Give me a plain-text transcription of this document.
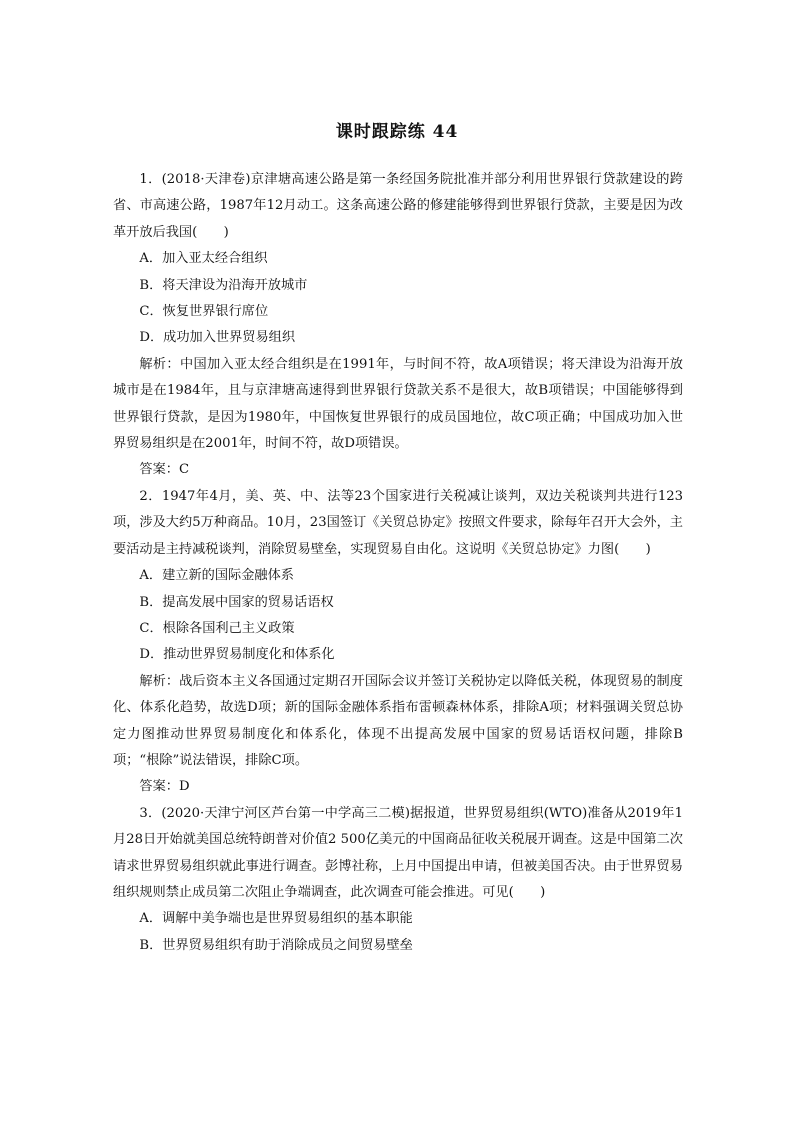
课时跟踪练 44

1．(2018·天津卷)京津塘高速公路是第一条经国务院批准并部分利用世界银行贷款建设的跨省、市高速公路，1987年12月动工。这条高速公路的修建能够得到世界银行贷款，主要是因为改革开放后我国(　　)

A．加入亚太经合组织

B．将天津设为沿海开放城市

C．恢复世界银行席位

D．成功加入世界贸易组织

解析：中国加入亚太经合组织是在1991年，与时间不符，故A项错误；将天津设为沿海开放城市是在1984年，且与京津塘高速得到世界银行贷款关系不是很大，故B项错误；中国能够得到世界银行贷款，是因为1980年，中国恢复世界银行的成员国地位，故C项正确；中国成功加入世界贸易组织是在2001年，时间不符，故D项错误。

答案：C

2．1947年4月，美、英、中、法等23个国家进行关税减让谈判，双边关税谈判共进行123项，涉及大约5万种商品。10月，23国签订《关贸总协定》按照文件要求，除每年召开大会外，主要活动是主持减税谈判，消除贸易壁垒，实现贸易自由化。这说明《关贸总协定》力图(　　)

A．建立新的国际金融体系

B．提高发展中国家的贸易话语权

C．根除各国利己主义政策

D．推动世界贸易制度化和体系化

解析：战后资本主义各国通过定期召开国际会议并签订关税协定以降低关税，体现贸易的制度化、体系化趋势，故选D项；新的国际金融体系指布雷顿森林体系，排除A项；材料强调关贸总协定力图推动世界贸易制度化和体系化，体现不出提高发展中国家的贸易话语权问题，排除B项；“根除”说法错误，排除C项。

答案：D

3．(2020·天津宁河区芦台第一中学高三二模)据报道，世界贸易组织(WTO)准备从2019年1月28日开始就美国总统特朗普对价值2 500亿美元的中国商品征收关税展开调查。这是中国第二次请求世界贸易组织就此事进行调查。彭博社称，上月中国提出申请，但被美国否决。由于世界贸易组织规则禁止成员第二次阻止争端调查，此次调查可能会推进。可见(　　)

A．调解中美争端也是世界贸易组织的基本职能

B．世界贸易组织有助于消除成员之间贸易壁垒
